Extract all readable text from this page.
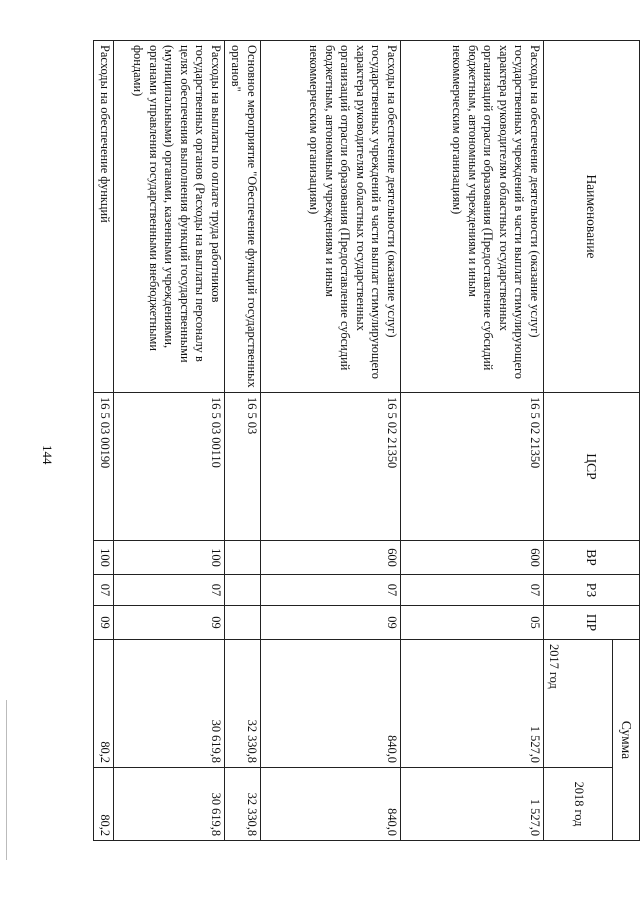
144
Наименование	ЦСР	ВР	РЗ	ПР	Сумма	
					2017 год	2018 год
Расходы на обеспечение деятельности (оказание услуг) государственных учреждений в части выплат стимулирующего характера руководителям областных государственных организаций отрасли образования (Предоставление субсидий бюджетным, автономным учреждениям и иным некоммерческим организациям)	16 5 02 21350	600	07	05	1 527,0	1 527,0
Расходы на обеспечение деятельности (оказание услуг) государственных учреждений в части выплат стимулирующего характера руководителям областных государственных организаций отрасли образования (Предоставление субсидий бюджетным, автономным учреждениям и иным некоммерческим организациям)	16 5 02 21350	600	07	09	840,0	840,0
Основное мероприятие "Обеспечение функций государственных органов"	16 5 03				32 330,8	32 330,8
Расходы на выплаты по оплате труда работников государственных органов (Расходы на выплаты персоналу в целях обеспечения выполнения функций государственными (муниципальными) органами, казенными учреждениями, органами управления государственными внебюджетными фондами)	16 5 03 00110	100	07	09	30 619,8	30 619,8
Расходы на обеспечение функций	16 5 03 00190	100	07	09	80,2	80,2
